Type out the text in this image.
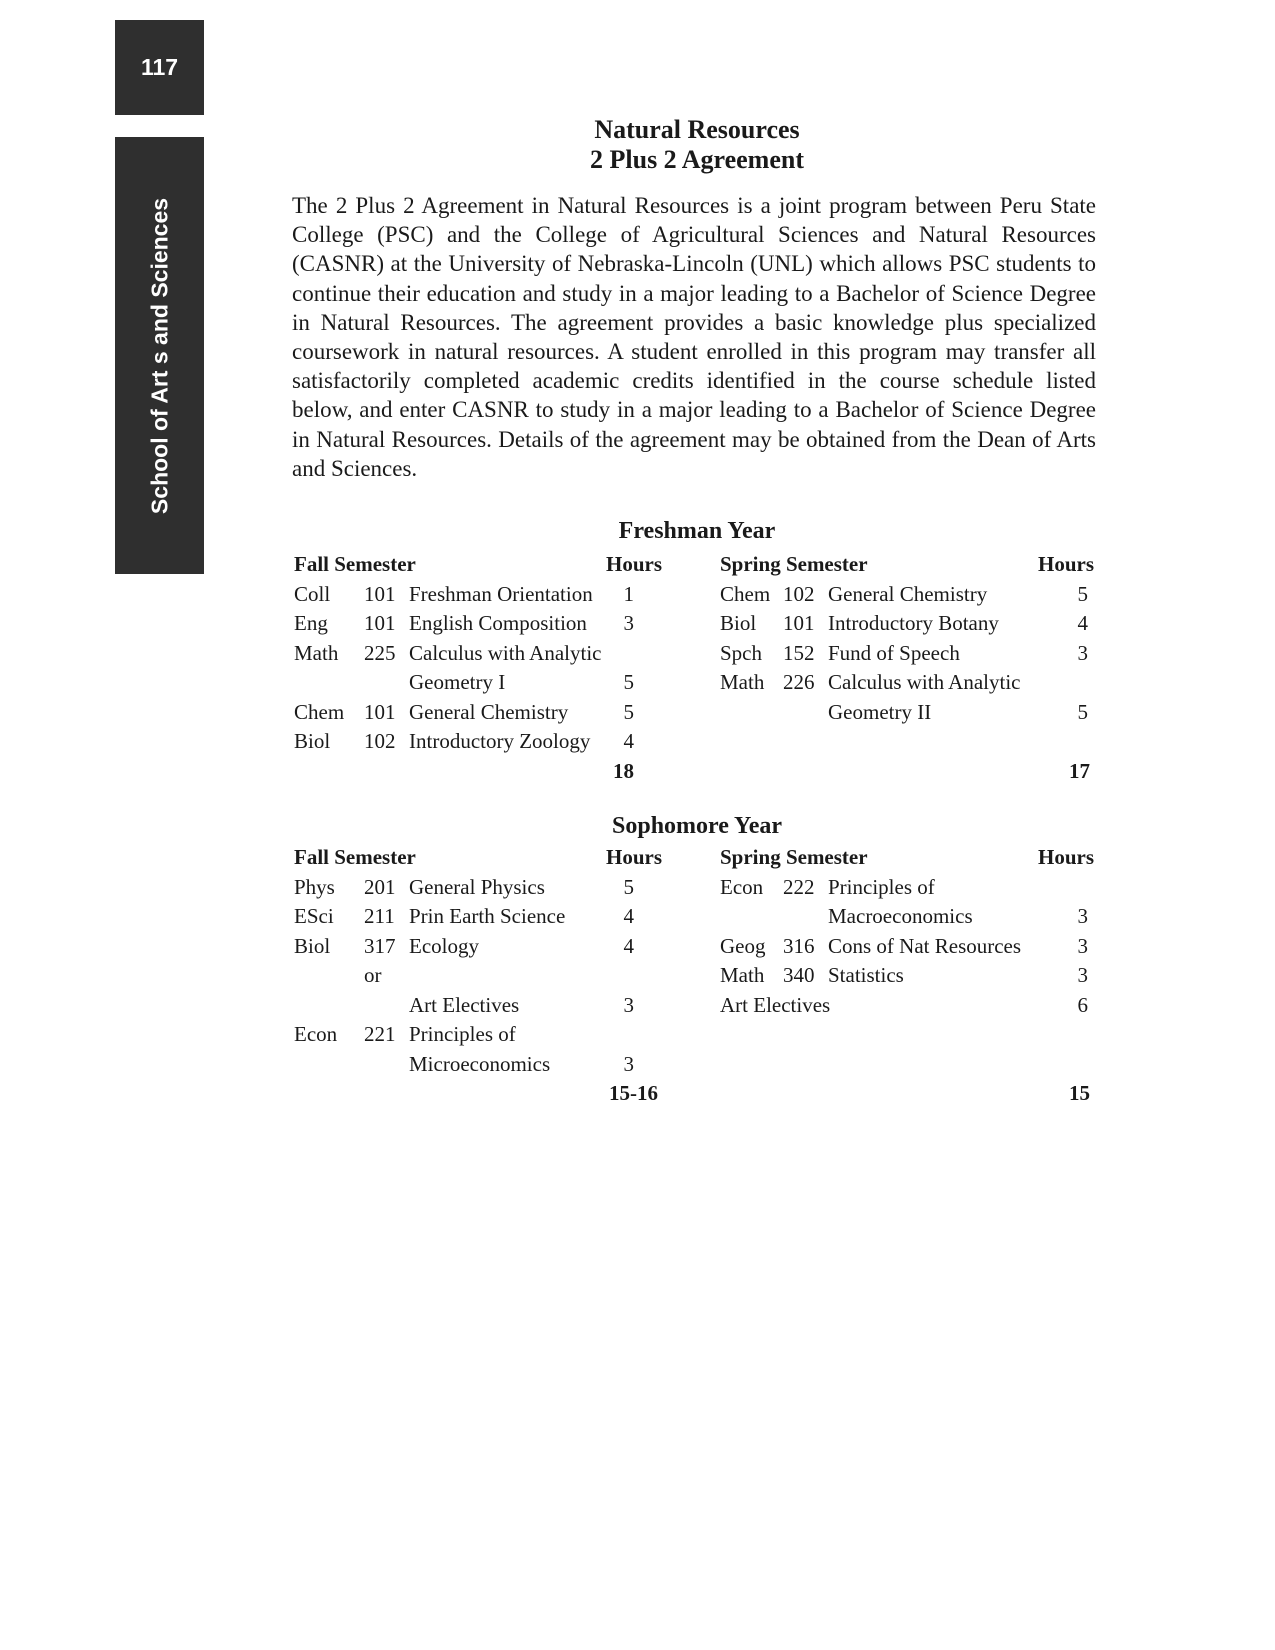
117
School of Art s and Sciences
Natural Resources
2 Plus 2 Agreement

The 2 Plus 2 Agreement in Natural Resources is a joint program between Peru State College (PSC) and the College of Agricultural Sciences and Natural Resources (CASNR) at the University of Nebraska-Lincoln (UNL) which allows PSC students to continue their education and study in a major leading to a Bachelor of Science Degree in Natural Resources. The agreement provides a basic knowledge plus specialized coursework in natural resources. A student enrolled in this program may transfer all satisfactorily completed academic credits identified in the course schedule listed below, and enter CASNR to study in a major leading to a Bachelor of Science Degree in Natural Resources. Details of the agreement may be obtained from the Dean of Arts and Sciences.

Freshman Year
Fall Semester	Hours
Coll 101 Freshman Orientation	1
Eng 101 English Composition	3
Math 225 Calculus with Analytic
Geometry I	5
Chem 101 General Chemistry	5
Biol 102 Introductory Zoology	4
18
Spring Semester	Hours
Chem 102 General Chemistry	5
Biol 101 Introductory Botany	4
Spch 152 Fund of Speech	3
Math 226 Calculus with Analytic
Geometry II	5
17
Sophomore Year
Fall Semester	Hours
Phys 201 General Physics	5
ESci 211 Prin Earth Science	4
Biol 317 Ecology	4
or
Art Electives	3
Econ 221 Principles of
Microeconomics	3
15-16
Spring Semester	Hours
Econ 222 Principles of
Macroeconomics	3
Geog 316 Cons of Nat Resources	3
Math 340 Statistics	3
Art Electives	6
15
